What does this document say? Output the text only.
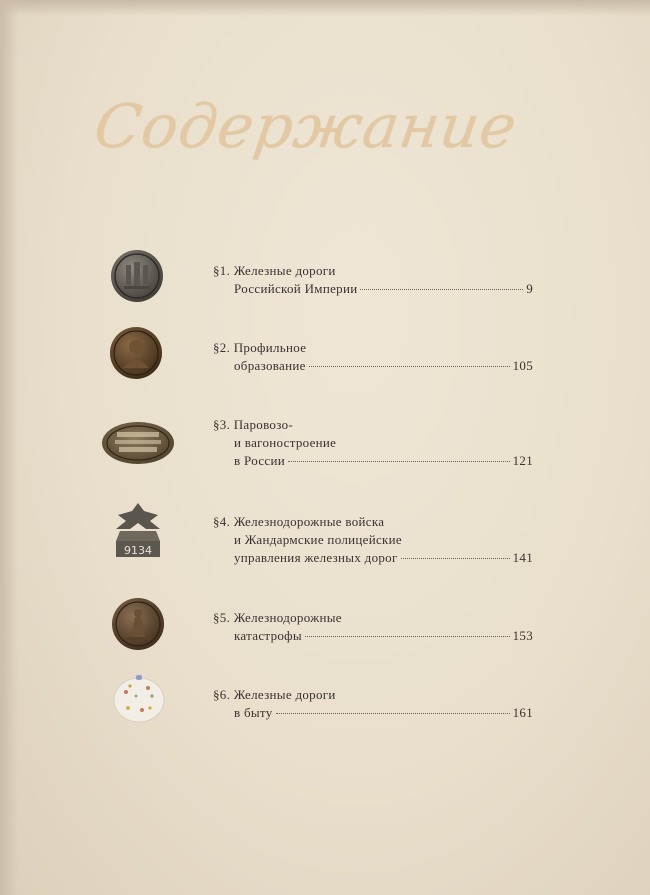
Содержание
§1. Железные дороги
Российской Империи	9
§2. Профильное
образование	105
§3. Паровозо-
и вагоностроение
в России	121
9134
§4. Железнодорожные войска
и Жандармские полицейские
управления железных дорог	141
§5. Железнодорожные
катастрофы	153
§6. Железные дороги
в быту	161
